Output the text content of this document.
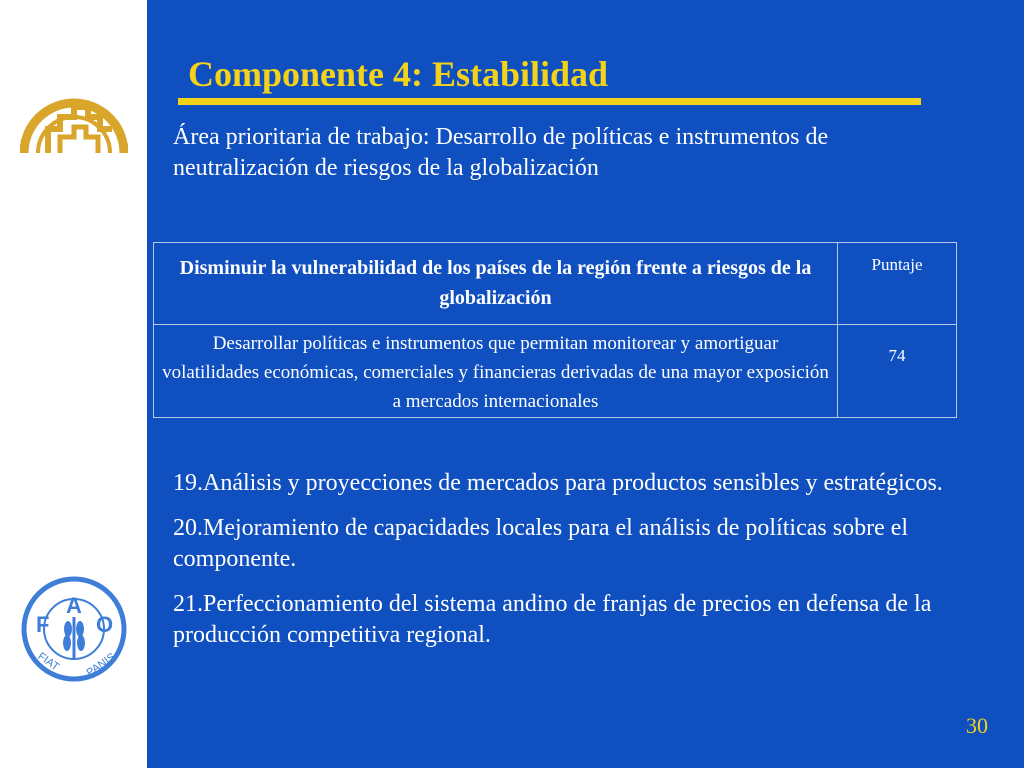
F
A
O
FIAT PANIS
Componente 4: Estabilidad
Área prioritaria de trabajo: Desarrollo de políticas e instrumentos de neutralización de riesgos de la globalización
Disminuir la vulnerabilidad de los países de la región frente a riesgos de la globalización	Puntaje
Desarrollar políticas e instrumentos que permitan monitorear y amortiguar volatilidades económicas, comerciales y financieras derivadas de una mayor exposición a mercados internacionales	74
19.Análisis y proyecciones de mercados para productos sensibles y estratégicos.
20.Mejoramiento de capacidades locales para el análisis de políticas sobre el componente.
21.Perfeccionamiento del sistema andino de franjas de precios en defensa de la producción competitiva regional.
30
